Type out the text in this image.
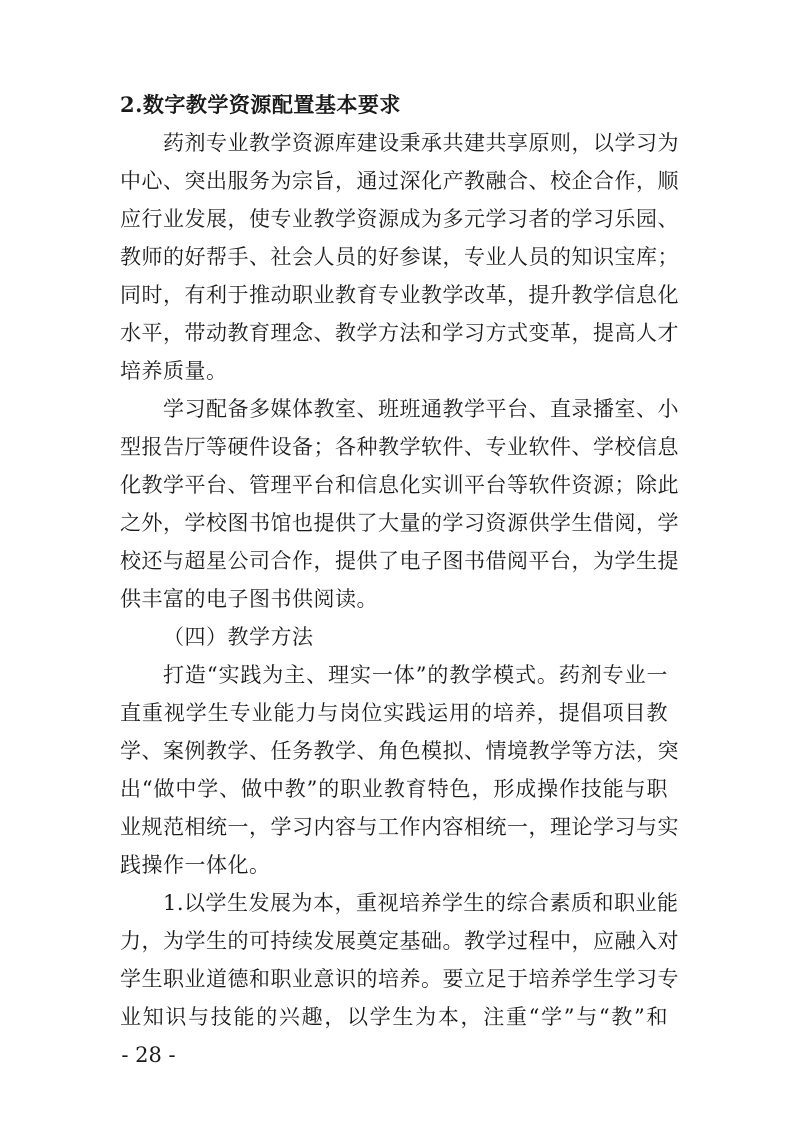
2.数字教学资源配置基本要求
药剂专业教学资源库建设秉承共建共享原则，以学习为
中心、突出服务为宗旨，通过深化产教融合、校企合作，顺
应行业发展，使专业教学资源成为多元学习者的学习乐园、
教师的好帮手、社会人员的好参谋，专业人员的知识宝库；
同时，有利于推动职业教育专业教学改革，提升教学信息化
水平，带动教育理念、教学方法和学习方式变革，提高人才
培养质量。
学习配备多媒体教室、班班通教学平台、直录播室、小
型报告厅等硬件设备；各种教学软件、专业软件、学校信息
化教学平台、管理平台和信息化实训平台等软件资源；除此
之外，学校图书馆也提供了大量的学习资源供学生借阅，学
校还与超星公司合作，提供了电子图书借阅平台，为学生提
供丰富的电子图书供阅读。
（四）教学方法
打造“实践为主、理实一体”的教学模式。药剂专业一
直重视学生专业能力与岗位实践运用的培养，提倡项目教
学、案例教学、任务教学、角色模拟、情境教学等方法，突
出“做中学、做中教”的职业教育特色，形成操作技能与职
业规范相统一，学习内容与工作内容相统一，理论学习与实
践操作一体化。
1.以学生发展为本，重视培养学生的综合素质和职业能
力，为学生的可持续发展奠定基础。教学过程中，应融入对
学生职业道德和职业意识的培养。要立足于培养学生学习专
业知识与技能的兴趣，以学生为本，注重“学”与“教”和
- 28 -
